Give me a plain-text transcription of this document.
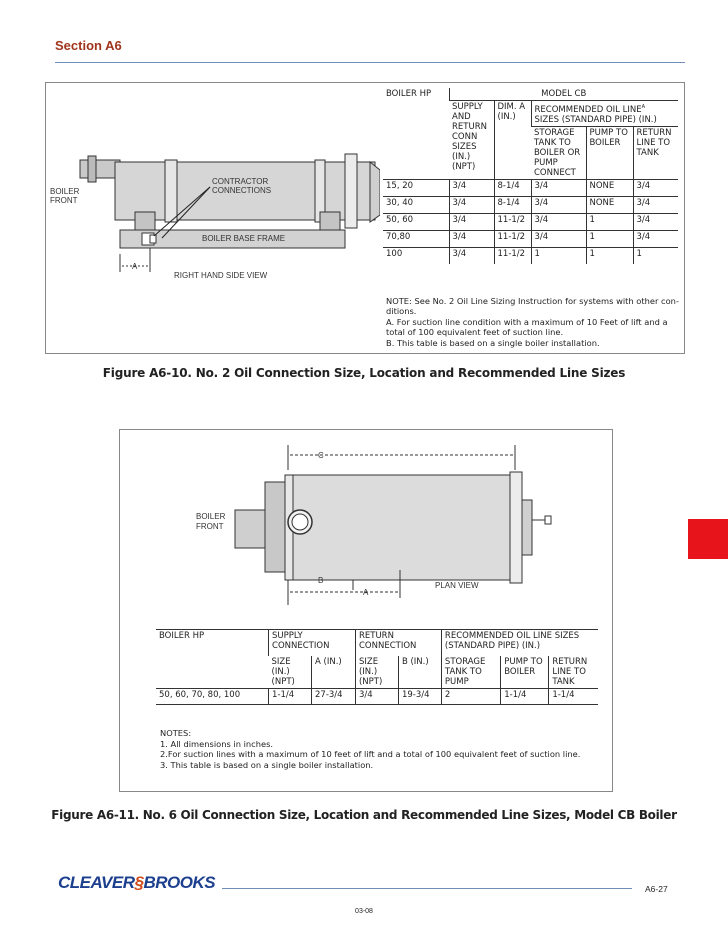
Section A6
A
BOILER
FRONT
CONTRACTOR
CONNECTIONS
BOILER BASE FRAME
RIGHT HAND SIDE VIEW
BOILER HP	MODEL CB				
	SUPPLY AND RETURN CONN SIZES (IN.) (NPT)	DIM. A (IN.)	RECOMMENDED OIL $LINE^A$
SIZES (STANDARD PIPE) (IN.)		
			STORAGE TANK TO BOILER OR PUMP CONNECT	PUMP TO BOILER	RETURN LINE TO TANK
15, 20	3/4	8-1/4	3/4	NONE	3/4
30, 40	3/4	8-1/4	3/4	NONE	3/4
50, 60	3/4	11-1/2	3/4	1	3/4
70,80	3/4	11-1/2	3/4	1	3/4
100	3/4	11-1/2	1	1	1
NOTE: See No. 2 Oil Line Sizing Instruction for systems with other con- ditions.
A. For suction line condition with a maximum of 10 Feet of lift and a total of 100 equivalent feet of suction line.
B. This table is based on a single boiler installation.
Figure A6-10. No. 2 Oil Connection Size, Location and Recommended Line Sizes
C
B
A
BOILER
FRONT
PLAN VIEW
BOILER HP	SUPPLY CONNECTION		RETURN CONNECTION		RECOMMENDED OIL LINE SIZES (STANDARD PIPE) (IN.)		
	SIZE (IN.) (NPT)	A (IN.)	SIZE (IN.) (NPT)	B (IN.)	STORAGE TANK TO PUMP	PUMP TO BOILER	RETURN LINE TO TANK
50, 60, 70, 80, 100	1-1/4	27-3/4	3/4	19-3/4	2	1-1/4	1-1/4
NOTES:
1. All dimensions in inches.
2.For suction lines with a maximum of 10 feet of lift and a total of 100 equivalent feet of suction line.
3. This table is based on a single boiler installation.
Figure A6-11. No. 6 Oil Connection Size, Location and Recommended Line Sizes, Model CB Boiler
CLEAVER§BROOKS	A6-27
03-08
